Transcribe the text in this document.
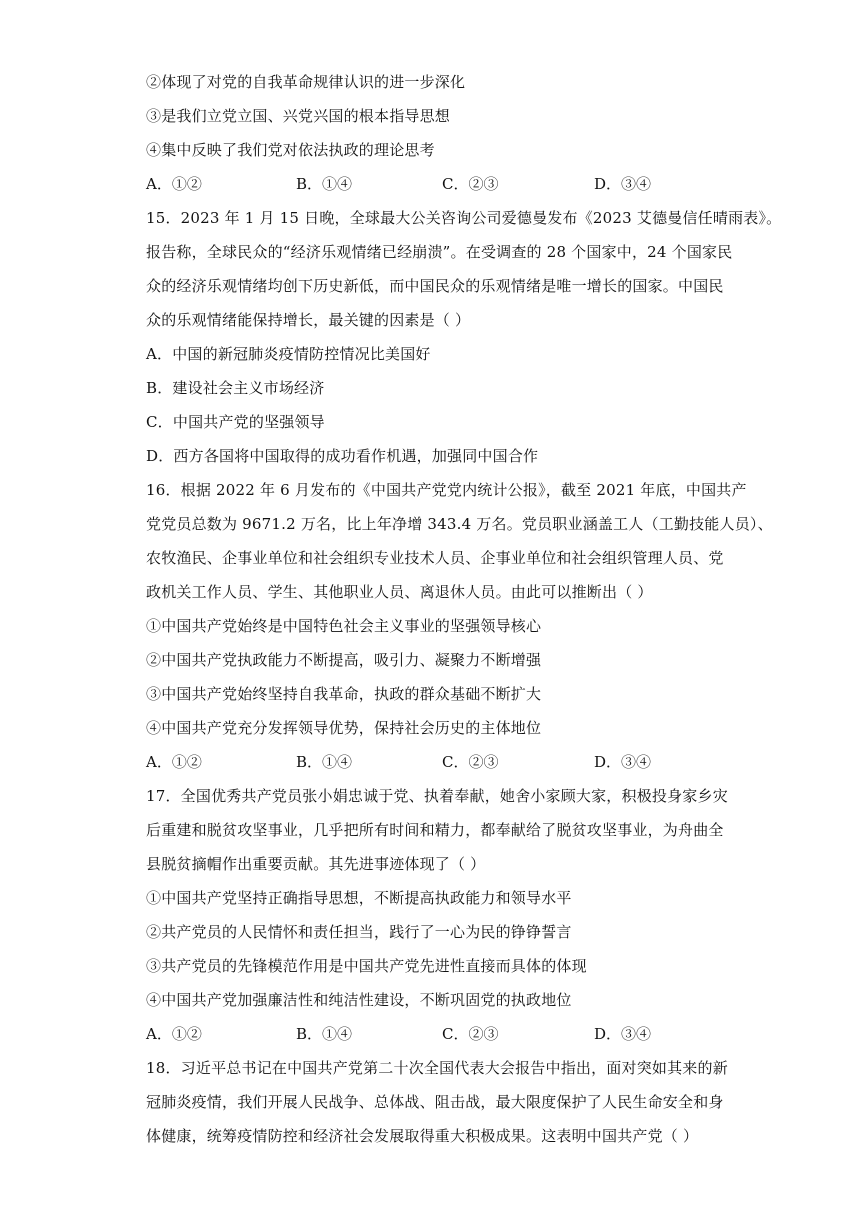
②体现了对党的自我革命规律认识的进一步深化
③是我们立党立国、兴党兴国的根本指导思想
④集中反映了我们党对依法执政的理论思考
A．①②	B．①④	C．②③	D．③④
15．2023 年 1 月 15 日晚，全球最大公关咨询公司爱德曼发布《2023 艾德曼信任晴雨表》。
报告称，全球民众的“经济乐观情绪已经崩溃”。在受调查的 28 个国家中，24 个国家民
众的经济乐观情绪均创下历史新低，而中国民众的乐观情绪是唯一增长的国家。中国民
众的乐观情绪能保持增长，最关键的因素是（ ）
A．中国的新冠肺炎疫情防控情况比美国好
B．建设社会主义市场经济
C．中国共产党的坚强领导
D．西方各国将中国取得的成功看作机遇，加强同中国合作
16．根据 2022 年 6 月发布的《中国共产党党内统计公报》，截至 2021 年底，中国共产
党党员总数为 9671.2 万名，比上年净增 343.4 万名。党员职业涵盖工人（工勤技能人员）、
农牧渔民、企事业单位和社会组织专业技术人员、企事业单位和社会组织管理人员、党
政机关工作人员、学生、其他职业人员、离退休人员。由此可以推断出（ ）
①中国共产党始终是中国特色社会主义事业的坚强领导核心
②中国共产党执政能力不断提高，吸引力、凝聚力不断增强
③中国共产党始终坚持自我革命，执政的群众基础不断扩大
④中国共产党充分发挥领导优势，保持社会历史的主体地位
A．①②	B．①④	C．②③	D．③④
17．全国优秀共产党员张小娟忠诚于党、执着奉献，她舍小家顾大家，积极投身家乡灾
后重建和脱贫攻坚事业，几乎把所有时间和精力，都奉献给了脱贫攻坚事业，为舟曲全
县脱贫摘帽作出重要贡献。其先进事迹体现了（ ）
①中国共产党坚持正确指导思想，不断提高执政能力和领导水平
②共产党员的人民情怀和责任担当，践行了一心为民的铮铮誓言
③共产党员的先锋模范作用是中国共产党先进性直接而具体的体现
④中国共产党加强廉洁性和纯洁性建设，不断巩固党的执政地位
A．①②	B．①④	C．②③	D．③④
18．习近平总书记在中国共产党第二十次全国代表大会报告中指出，面对突如其来的新
冠肺炎疫情，我们开展人民战争、总体战、阻击战，最大限度保护了人民生命安全和身
体健康，统筹疫情防控和经济社会发展取得重大积极成果。这表明中国共产党（ ）
